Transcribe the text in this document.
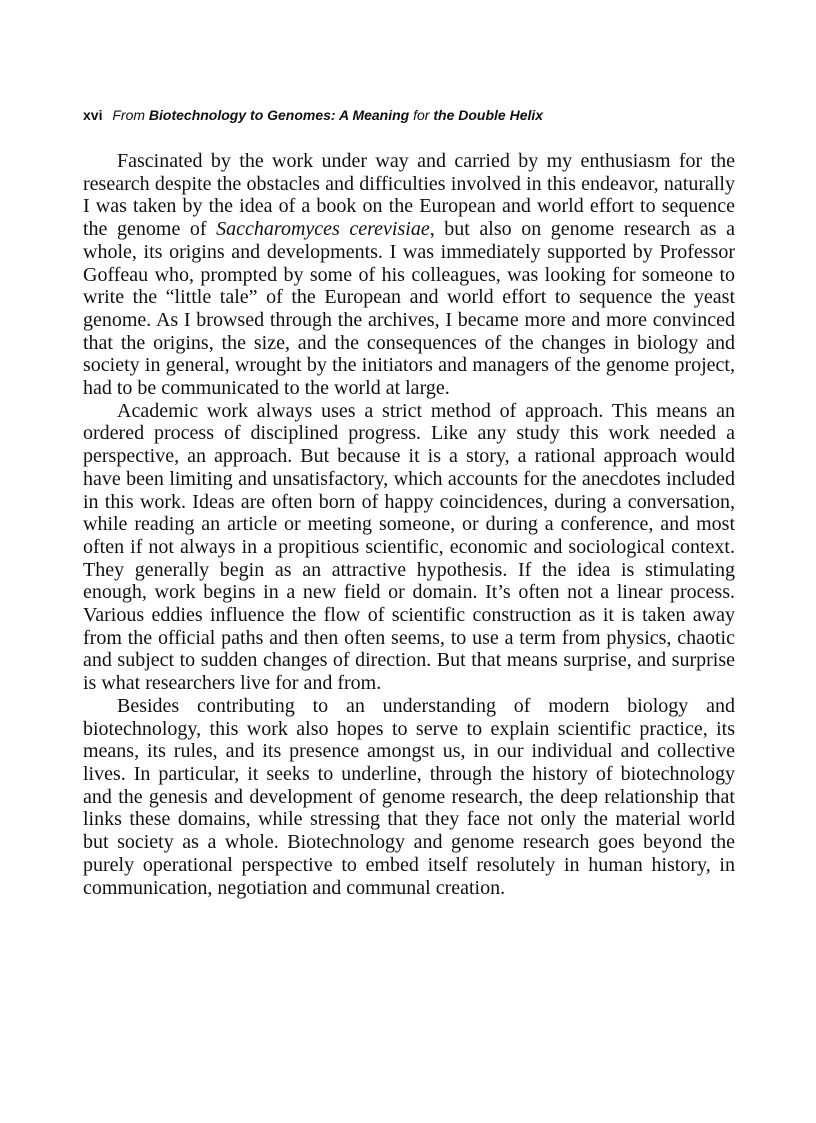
xvi From Biotechnology to Genomes: A Meaning for the Double Helix

Fascinated by the work under way and carried by my enthusiasm for the research despite the obstacles and difficulties involved in this endeavor, naturally I was taken by the idea of a book on the European and world effort to sequence the genome of Saccharomyces cerevisiae, but also on genome research as a whole, its origins and developments. I was immediately supported by Professor Goffeau who, prompted by some of his colleagues, was looking for someone to write the “little tale” of the European and world effort to sequence the yeast genome. As I browsed through the archives, I became more and more convinced that the origins, the size, and the consequences of the changes in biology and society in general, wrought by the initiators and managers of the genome project, had to be communicated to the world at large.

Academic work always uses a strict method of approach. This means an ordered process of disciplined progress. Like any study this work needed a perspective, an approach. But because it is a story, a rational approach would have been limiting and unsatisfactory, which accounts for the anecdotes included in this work. Ideas are often born of happy coincidences, during a conversation, while reading an article or meeting someone, or during a conference, and most often if not always in a propitious scientific, economic and sociological context. They generally begin as an attractive hypothesis. If the idea is stimulating enough, work begins in a new field or domain. It’s often not a linear process. Various eddies influence the flow of scientific construction as it is taken away from the official paths and then often seems, to use a term from physics, chaotic and subject to sudden changes of direction. But that means surprise, and surprise is what researchers live for and from.

Besides contributing to an understanding of modern biology and biotechnology, this work also hopes to serve to explain scientific practice, its means, its rules, and its presence amongst us, in our individual and collective lives. In particular, it seeks to underline, through the history of biotechnology and the genesis and development of genome research, the deep relationship that links these domains, while stressing that they face not only the material world but society as a whole. Biotechnology and genome research goes beyond the purely operational perspective to embed itself resolutely in human history, in communication, negotiation and communal creation.
